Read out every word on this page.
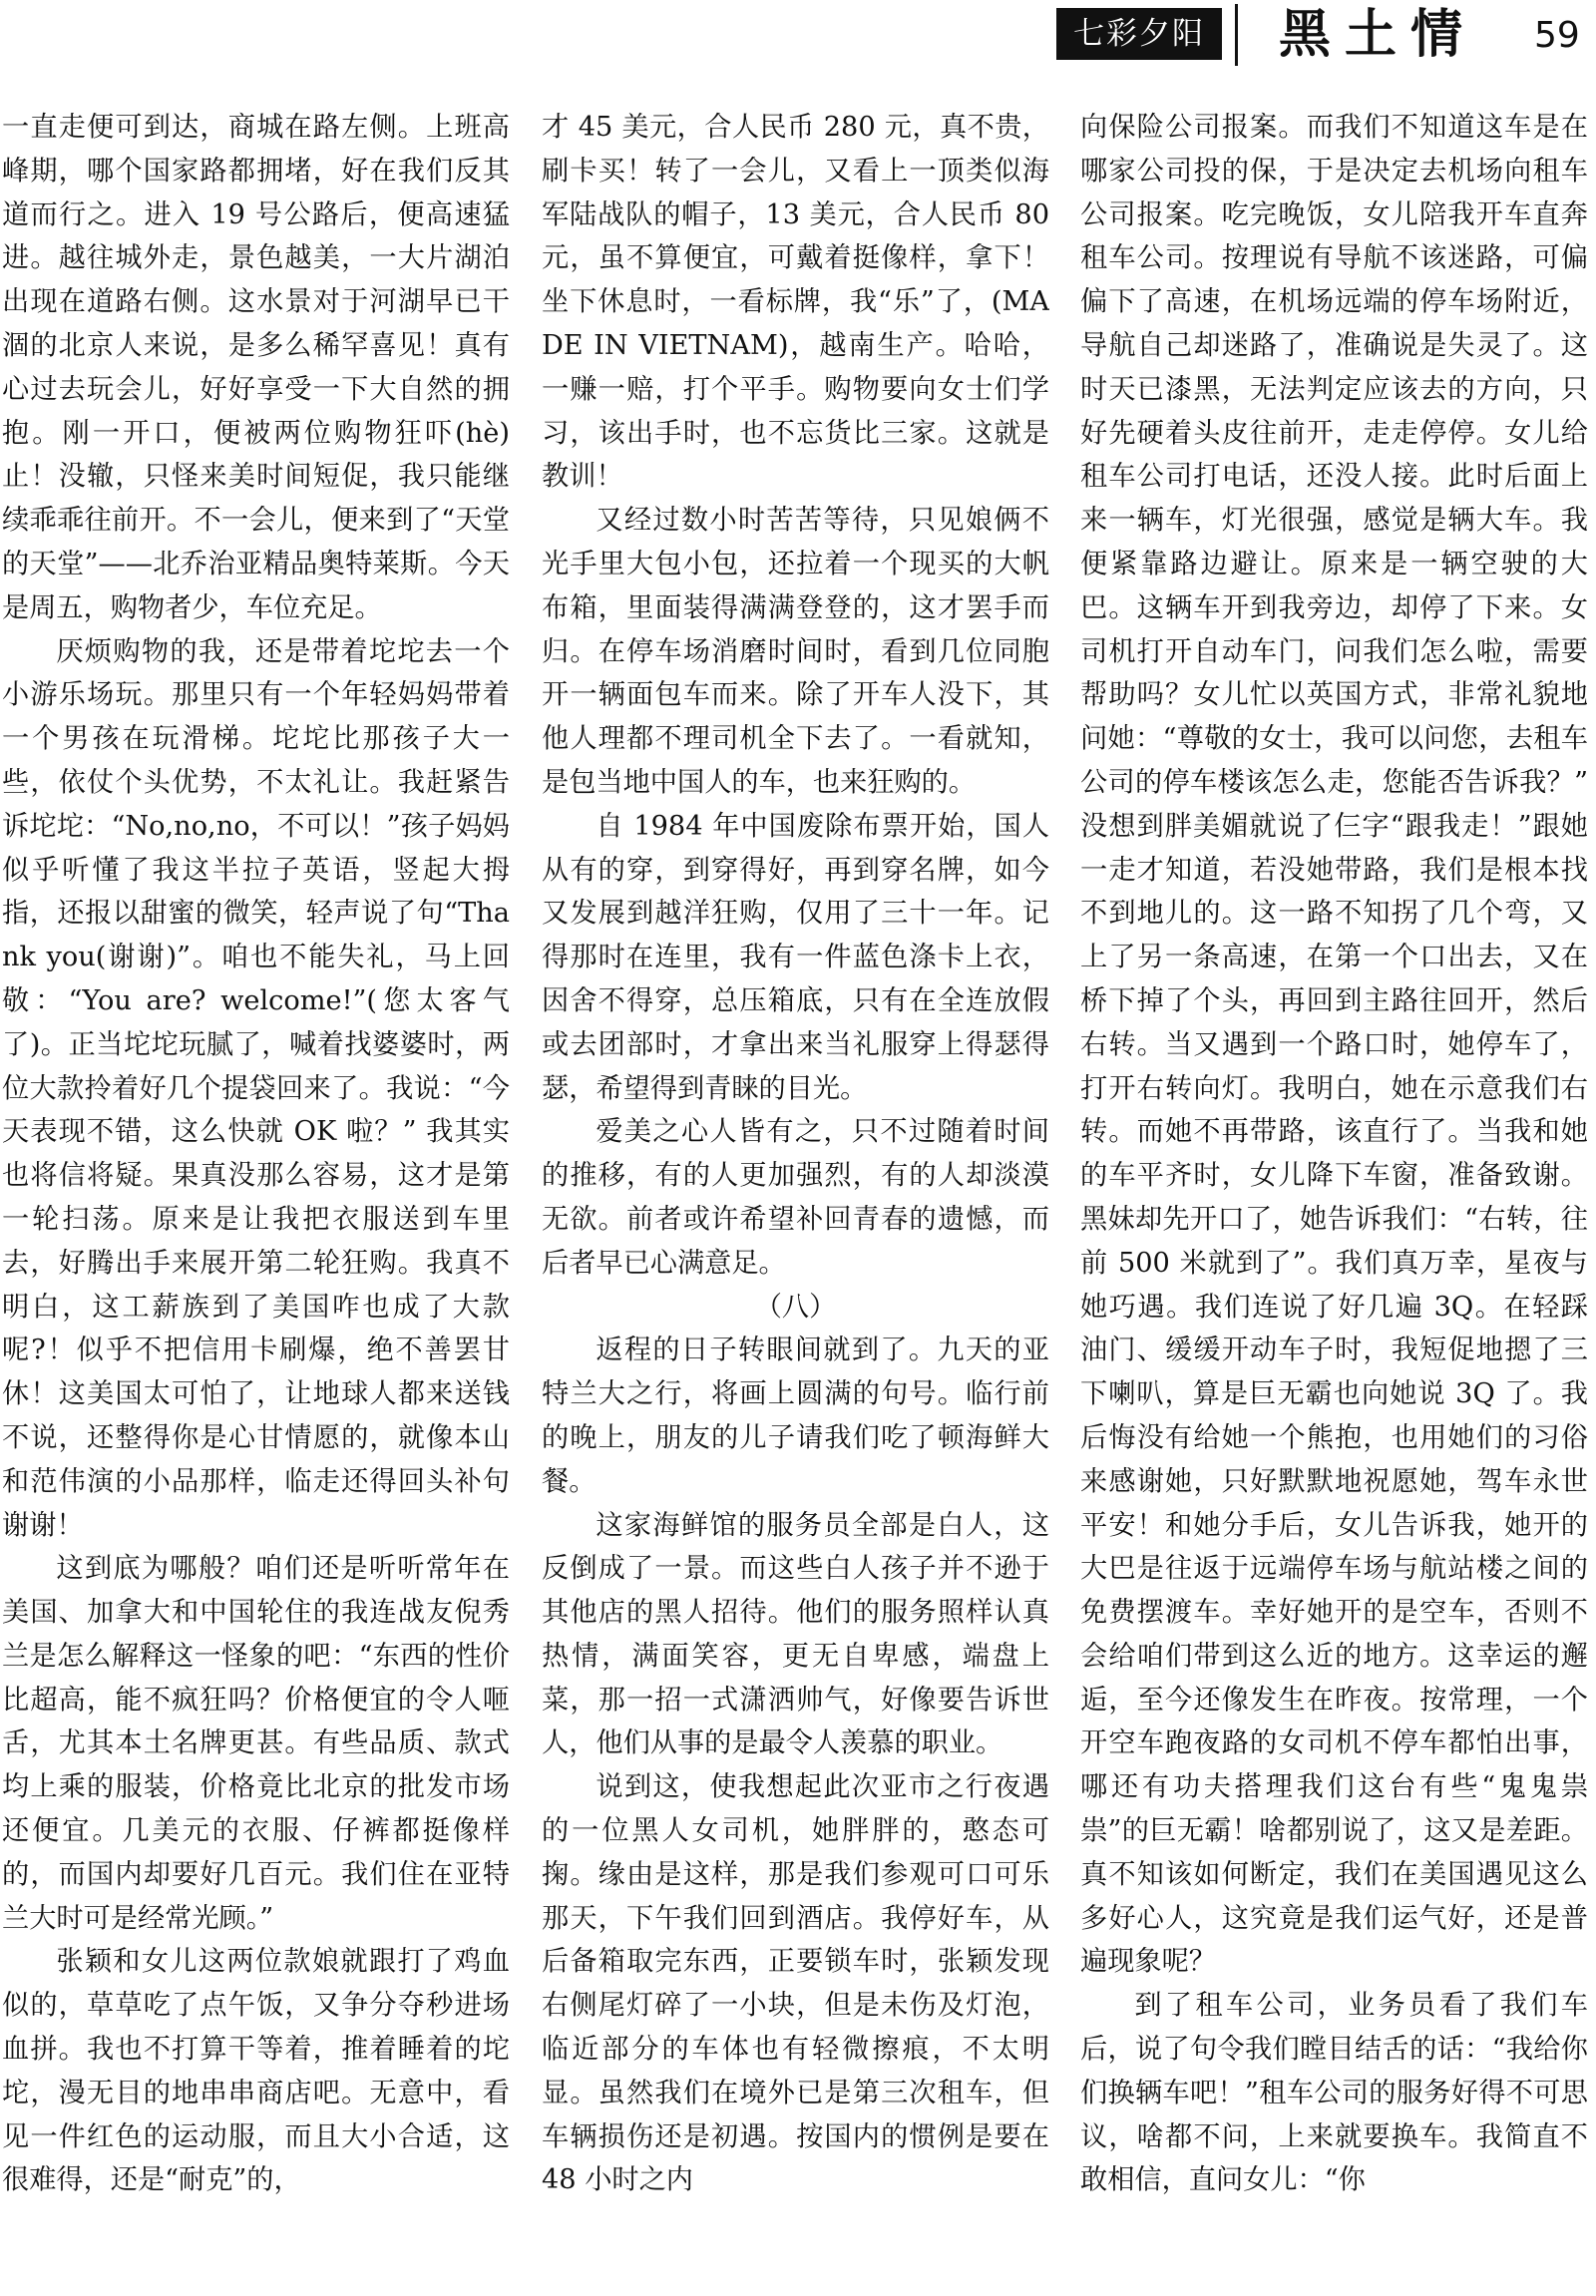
七彩夕阳	黑土情 59

一直走便可到达，商城在路左侧。上班高峰期，哪个国家路都拥堵，好在我们反其道而行之。进入 19 号公路后，便高速猛进。越往城外走，景色越美，一大片湖泊出现在道路右侧。这水景对于河湖早已干涸的北京人来说，是多么稀罕喜见！真有心过去玩会儿，好好享受一下大自然的拥抱。刚一开口，便被两位购物狂吓(hè)止！没辙，只怪来美时间短促，我只能继续乖乖往前开。不一会儿，便来到了“天堂的天堂”——北乔治亚精品奥特莱斯。今天是周五，购物者少，车位充足。

厌烦购物的我，还是带着坨坨去一个小游乐场玩。那里只有一个年轻妈妈带着一个男孩在玩滑梯。坨坨比那孩子大一些，依仗个头优势，不太礼让。我赶紧告诉坨坨：“No,no,no，不可以！”孩子妈妈似乎听懂了我这半拉子英语，竖起大拇指，还报以甜蜜的微笑，轻声说了句“Thank you(谢谢)”。咱也不能失礼，马上回敬：“You are? welcome!”(您太客气了)。正当坨坨玩腻了，喊着找婆婆时，两位大款拎着好几个提袋回来了。我说：“今天表现不错，这么快就 OK 啦？” 我其实也将信将疑。果真没那么容易，这才是第一轮扫荡。原来是让我把衣服送到车里去，好腾出手来展开第二轮狂购。我真不明白，这工薪族到了美国咋也成了大款呢?！似乎不把信用卡刷爆，绝不善罢甘休！这美国太可怕了，让地球人都来送钱不说，还整得你是心甘情愿的，就像本山和范伟演的小品那样，临走还得回头补句谢谢！

这到底为哪般？咱们还是听听常年在美国、加拿大和中国轮住的我连战友倪秀兰是怎么解释这一怪象的吧：“东西的性价比超高，能不疯狂吗？价格便宜的令人咂舌，尤其本土名牌更甚。有些品质、款式均上乘的服装，价格竟比北京的批发市场还便宜。几美元的衣服、仔裤都挺像样的，而国内却要好几百元。我们住在亚特兰大时可是经常光顾。”

张颖和女儿这两位款娘就跟打了鸡血似的，草草吃了点午饭，又争分夺秒进场血拼。我也不打算干等着，推着睡着的坨坨，漫无目的地串串商店吧。无意中，看见一件红色的运动服，而且大小合适，这很难得，还是“耐克”的，

才 45 美元，合人民币 280 元，真不贵，刷卡买！转了一会儿，又看上一顶类似海军陆战队的帽子，13 美元，合人民币 80 元，虽不算便宜，可戴着挺像样，拿下！坐下休息时，一看标牌，我“乐”了，(MADE IN VIETNAM)，越南生产。哈哈，一赚一赔，打个平手。购物要向女士们学习，该出手时，也不忘货比三家。这就是教训！

又经过数小时苦苦等待，只见娘俩不光手里大包小包，还拉着一个现买的大帆布箱，里面装得满满登登的，这才罢手而归。在停车场消磨时间时，看到几位同胞开一辆面包车而来。除了开车人没下，其他人理都不理司机全下去了。一看就知，是包当地中国人的车，也来狂购的。

自 1984 年中国废除布票开始，国人从有的穿，到穿得好，再到穿名牌，如今又发展到越洋狂购，仅用了三十一年。记得那时在连里，我有一件蓝色涤卡上衣，因舍不得穿，总压箱底，只有在全连放假或去团部时，才拿出来当礼服穿上得瑟得瑟，希望得到青睐的目光。

爱美之心人皆有之，只不过随着时间的推移，有的人更加强烈，有的人却淡漠无欲。前者或许希望补回青春的遗憾，而后者早已心满意足。

（八）

返程的日子转眼间就到了。九天的亚特兰大之行，将画上圆满的句号。临行前的晚上，朋友的儿子请我们吃了顿海鲜大餐。

这家海鲜馆的服务员全部是白人，这反倒成了一景。而这些白人孩子并不逊于其他店的黑人招待。他们的服务照样认真热情，满面笑容，更无自卑感，端盘上菜，那一招一式潇洒帅气，好像要告诉世人，他们从事的是最令人羡慕的职业。

说到这，使我想起此次亚市之行夜遇的一位黑人女司机，她胖胖的，憨态可掬。缘由是这样，那是我们参观可口可乐那天，下午我们回到酒店。我停好车，从后备箱取完东西，正要锁车时，张颖发现右侧尾灯碎了一小块，但是未伤及灯泡，临近部分的车体也有轻微擦痕，不太明显。虽然我们在境外已是第三次租车，但车辆损伤还是初遇。按国内的惯例是要在 48 小时之内

向保险公司报案。而我们不知道这车是在哪家公司投的保，于是决定去机场向租车公司报案。吃完晚饭，女儿陪我开车直奔租车公司。按理说有导航不该迷路，可偏偏下了高速，在机场远端的停车场附近，导航自己却迷路了，准确说是失灵了。这时天已漆黑，无法判定应该去的方向，只好先硬着头皮往前开，走走停停。女儿给租车公司打电话，还没人接。此时后面上来一辆车，灯光很强，感觉是辆大车。我便紧靠路边避让。原来是一辆空驶的大巴。这辆车开到我旁边，却停了下来。女司机打开自动车门，问我们怎么啦，需要帮助吗？女儿忙以英国方式，非常礼貌地问她：“尊敬的女士，我可以问您，去租车公司的停车楼该怎么走，您能否告诉我？” 没想到胖美媚就说了仨字“跟我走！”跟她一走才知道，若没她带路，我们是根本找不到地儿的。这一路不知拐了几个弯，又上了另一条高速，在第一个口出去，又在桥下掉了个头，再回到主路往回开，然后右转。当又遇到一个路口时，她停车了，打开右转向灯。我明白，她在示意我们右转。而她不再带路，该直行了。当我和她的车平齐时，女儿降下车窗，准备致谢。黑妹却先开口了，她告诉我们：“右转，往前 500 米就到了”。我们真万幸，星夜与她巧遇。我们连说了好几遍 3Q。在轻踩油门、缓缓开动车子时，我短促地摁了三下喇叭，算是巨无霸也向她说 3Q 了。我后悔没有给她一个熊抱，也用她们的习俗来感谢她，只好默默地祝愿她，驾车永世平安！和她分手后，女儿告诉我，她开的大巴是往返于远端停车场与航站楼之间的免费摆渡车。幸好她开的是空车，否则不会给咱们带到这么近的地方。这幸运的邂逅，至今还像发生在昨夜。按常理，一个开空车跑夜路的女司机不停车都怕出事，哪还有功夫搭理我们这台有些“鬼鬼祟祟”的巨无霸！啥都别说了，这又是差距。真不知该如何断定，我们在美国遇见这么多好心人，这究竟是我们运气好，还是普遍现象呢？

到了租车公司，业务员看了我们车后，说了句令我们瞠目结舌的话：“我给你们换辆车吧！”租车公司的服务好得不可思议，啥都不问，上来就要换车。我简直不敢相信，直问女儿：“你
